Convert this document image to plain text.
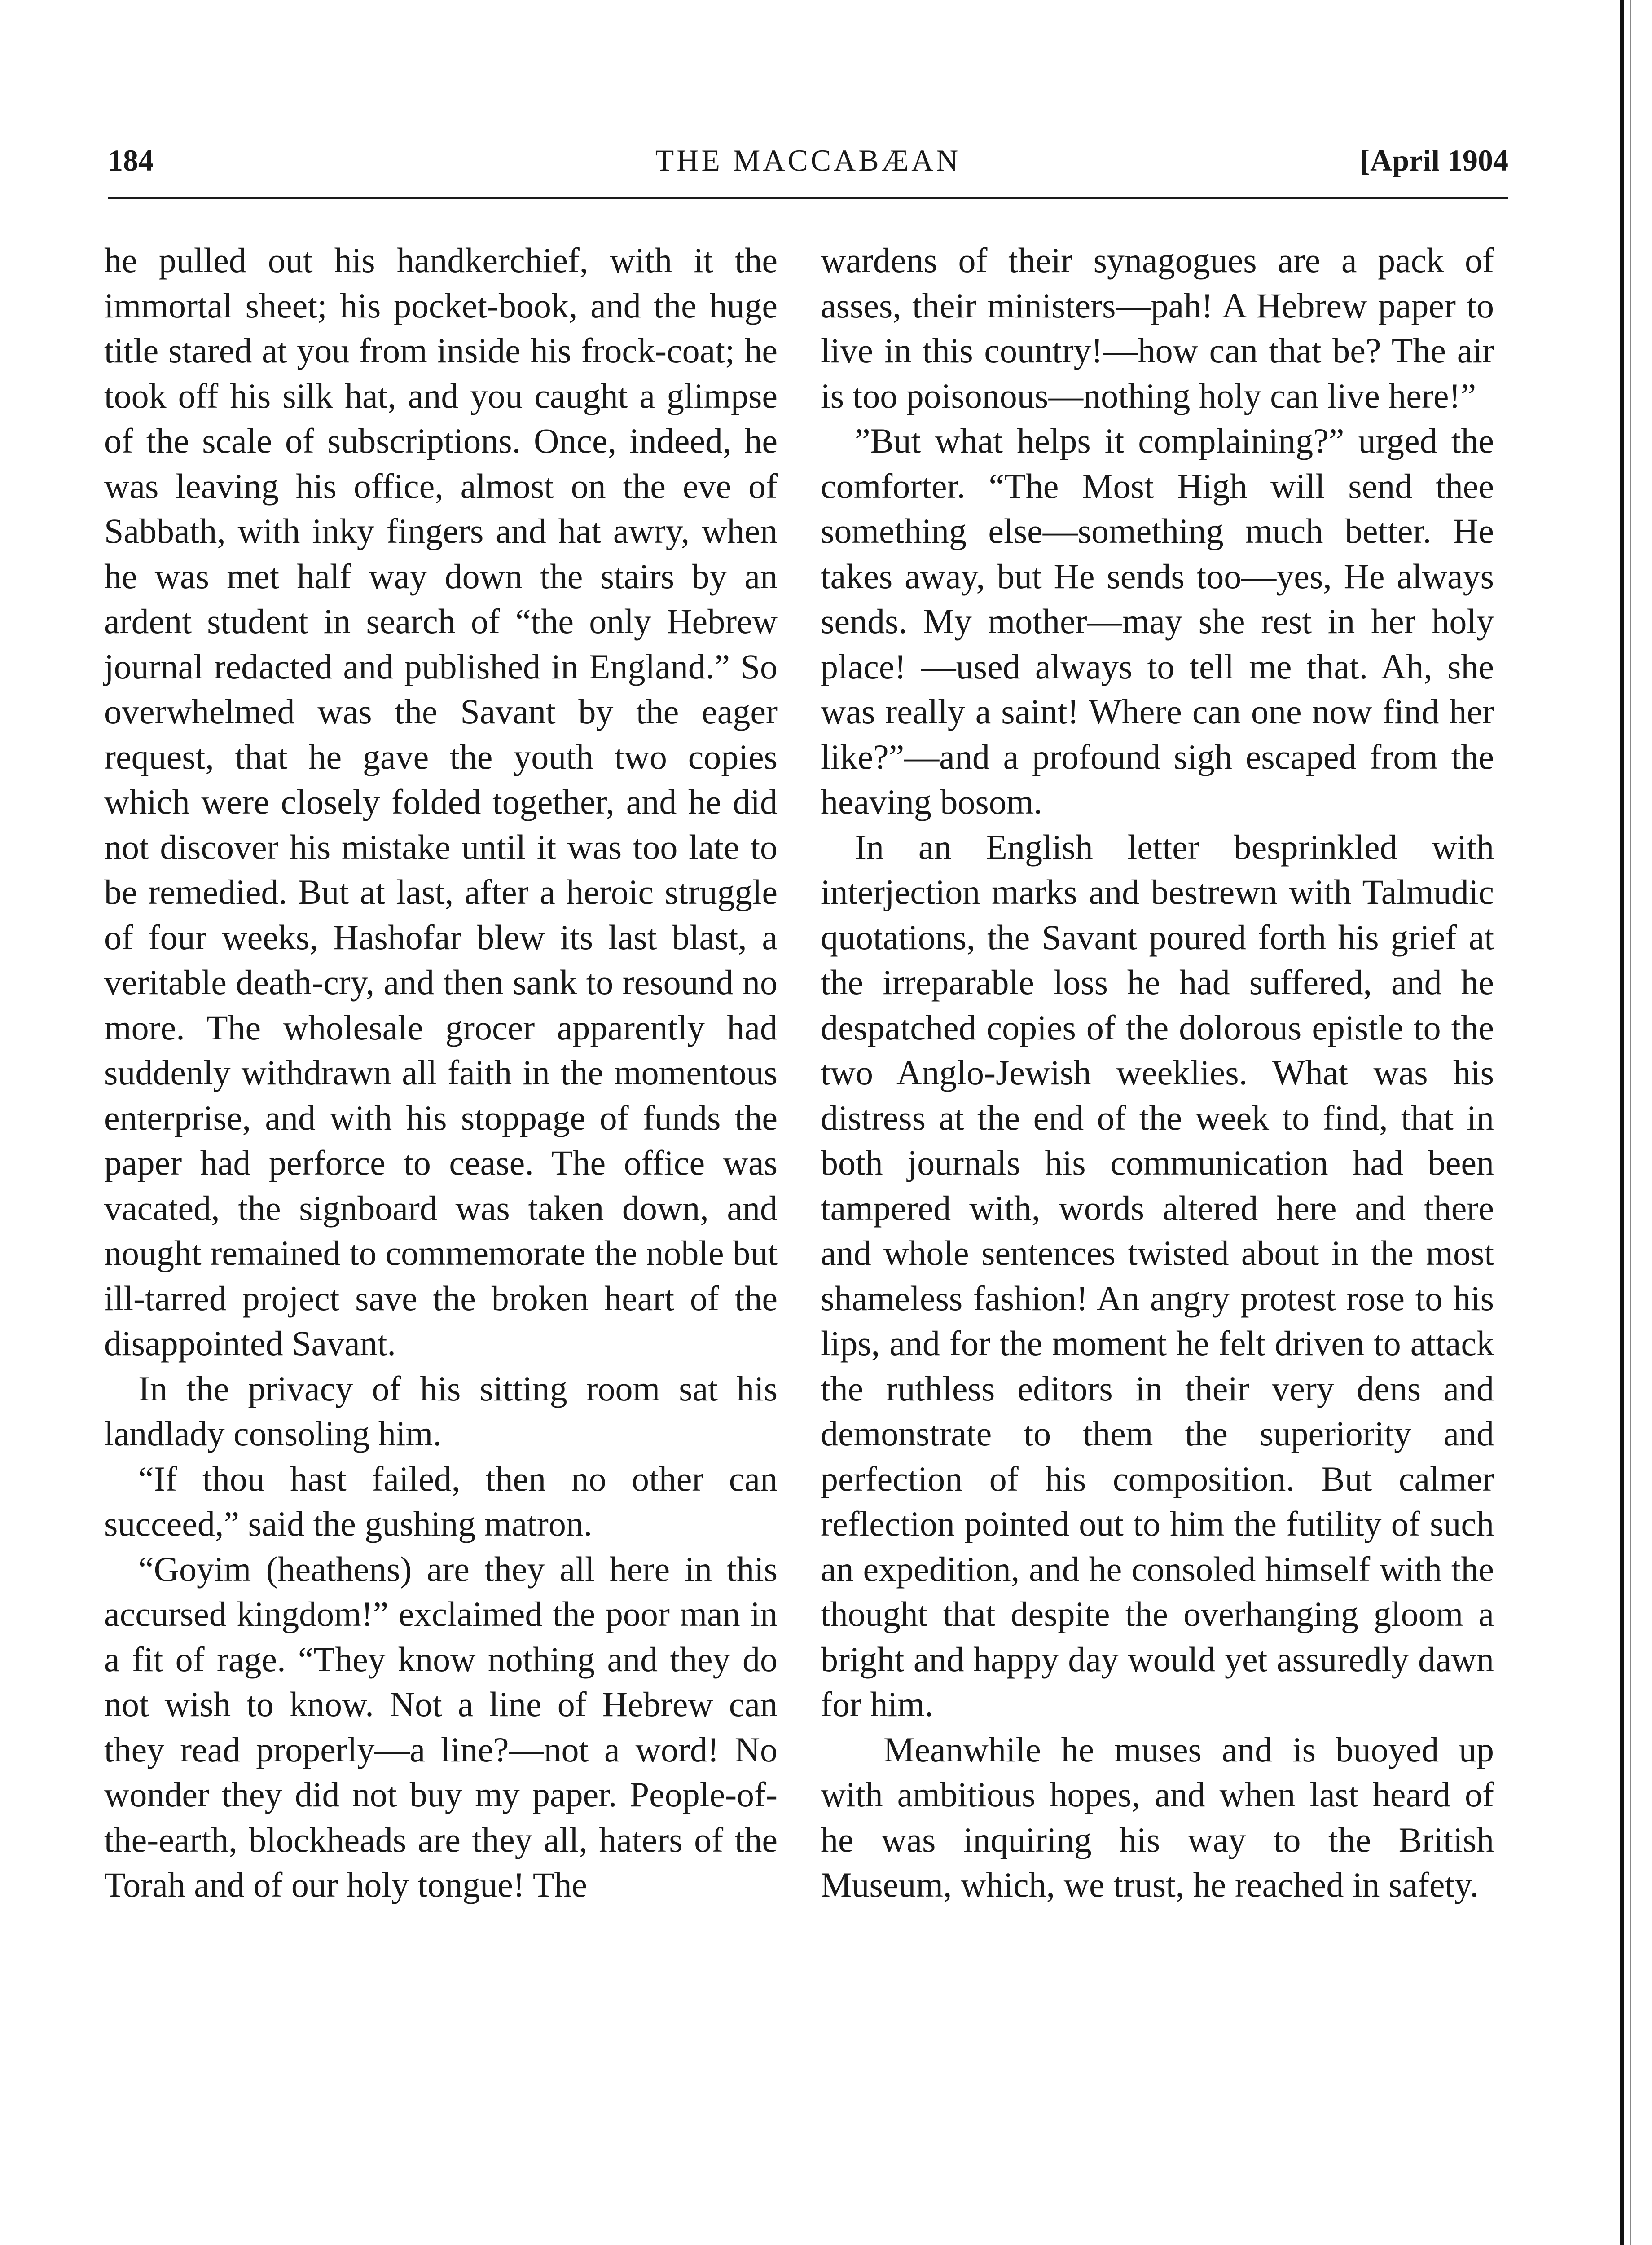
184	THE MACCABÆAN	[April 1904

he pulled out his handkerchief, with it the immortal sheet; his pocket-book, and the huge title stared at you from inside his frock-coat; he took off his silk hat, and you caught a glimpse of the scale of subscriptions. Once, indeed, he was leaving his office, almost on the eve of Sabbath, with inky fingers and hat awry, when he was met half way down the stairs by an ardent student in search of “the only Hebrew journal redacted and published in England.” So overwhelmed was the Savant by the eager request, that he gave the youth two copies which were closely folded together, and he did not discover his mistake until it was too late to be remedied. But at last, after a heroic struggle of four weeks, Hashofar blew its last blast, a veritable death-cry, and then sank to resound no more. The wholesale grocer apparently had suddenly withdrawn all faith in the momentous enterprise, and with his stoppage of funds the paper had perforce to cease. The office was vacated, the signboard was taken down, and nought remained to commemorate the noble but ill-tarred project save the broken heart of the disappointed Savant.

In the privacy of his sitting room sat his landlady consoling him.

“If thou hast failed, then no other can succeed,” said the gushing matron.

“Goyim (heathens) are they all here in this accursed kingdom!” exclaimed the poor man in a fit of rage. “They know nothing and they do not wish to know. Not a line of Hebrew can they read properly—a line?—not a word! No wonder they did not buy my paper. People-of-the-earth, blockheads are they all, haters of the Torah and of our holy tongue! The

wardens of their synagogues are a pack of asses, their ministers—pah! A Hebrew paper to live in this country!—how can that be? The air is too poisonous—nothing holy can live here!”

”But what helps it complaining?” urged the comforter. “The Most High will send thee something else—something much better. He takes away, but He sends too—yes, He always sends. My mother—may she rest in her holy place! —used always to tell me that. Ah, she was really a saint! Where can one now find her like?”—and a profound sigh escaped from the heaving bosom.

In an English letter besprinkled with interjection marks and bestrewn with Talmudic quotations, the Savant poured forth his grief at the irreparable loss he had suffered, and he despatched copies of the dolorous epistle to the two Anglo-Jewish weeklies. What was his distress at the end of the week to find, that in both journals his communication had been tampered with, words altered here and there and whole sentences twisted about in the most shameless fashion! An angry protest rose to his lips, and for the moment he felt driven to attack the ruthless editors in their very dens and demonstrate to them the superiority and perfection of his composition. But calmer reflection pointed out to him the futility of such an expedition, and he consoled himself with the thought that despite the overhanging gloom a bright and happy day would yet assuredly dawn for him.

Meanwhile he muses and is buoyed up with ambitious hopes, and when last heard of he was inquiring his way to the British Museum, which, we trust, he reached in safety.
